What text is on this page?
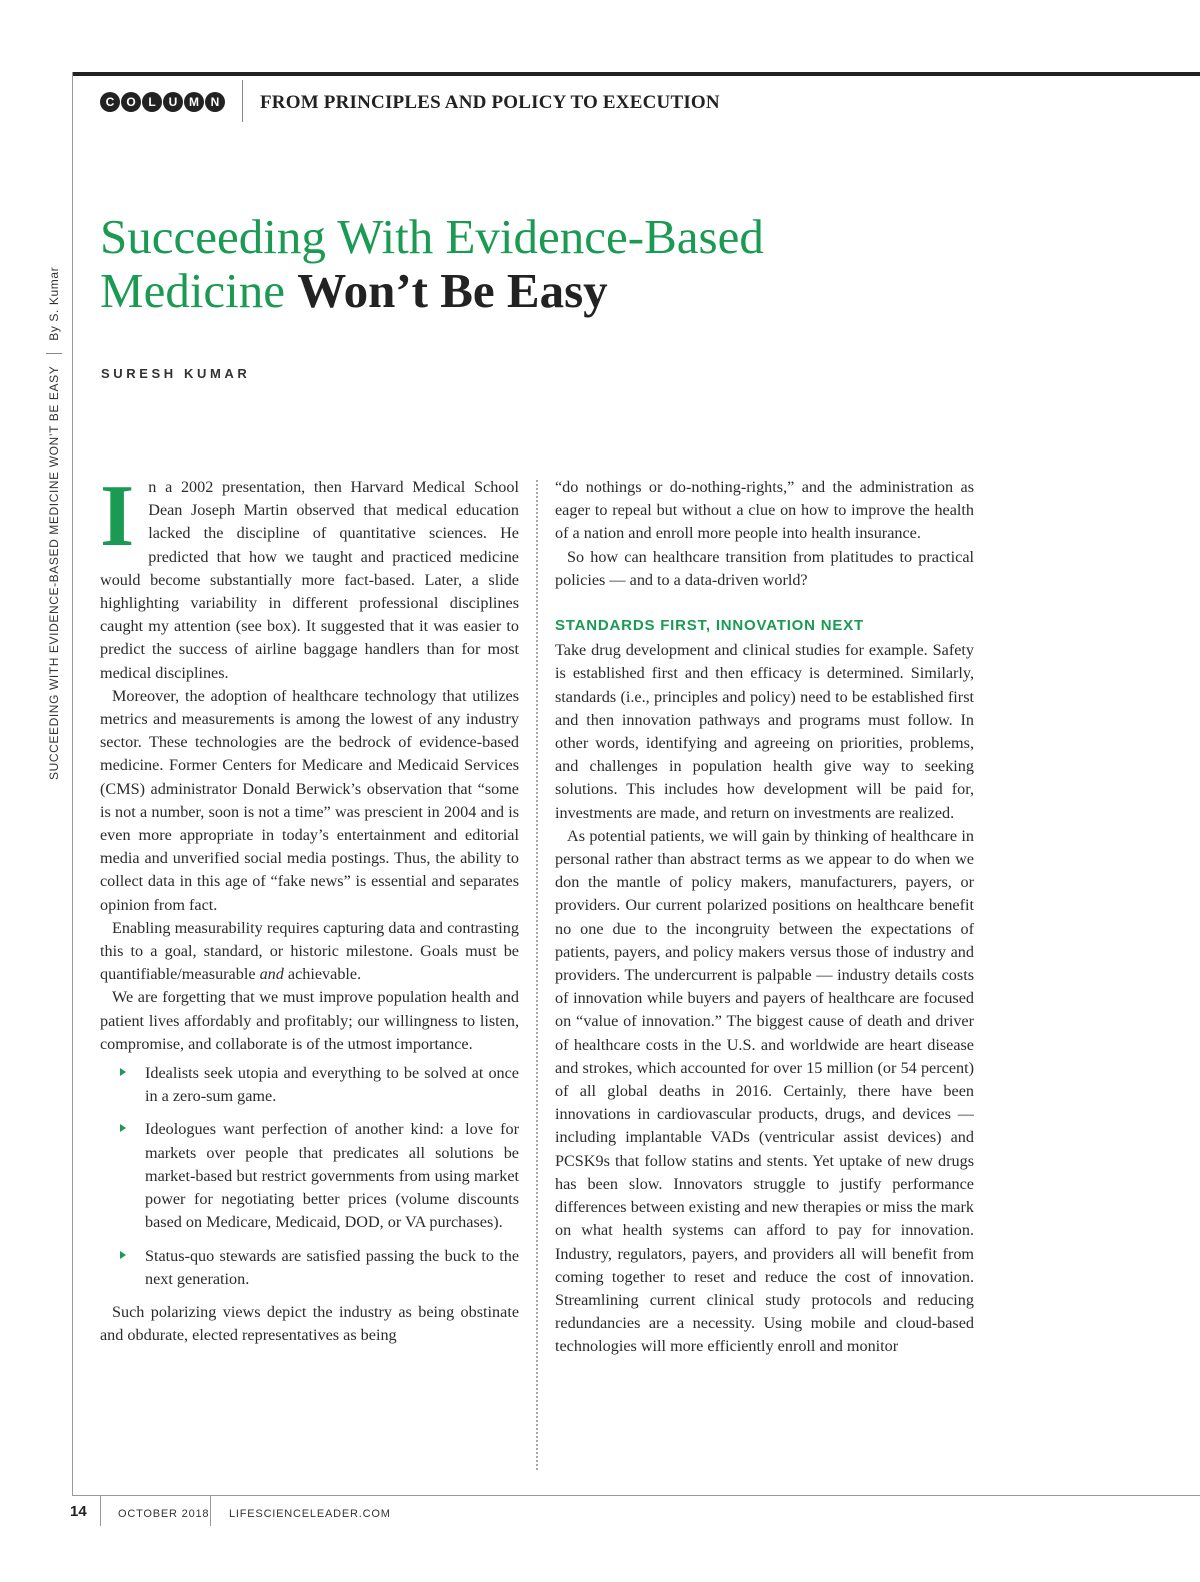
C	O	L	U M N FROM PRINCIPLES AND POLICY TO EXECUTION
SUCCEEDING WITH EVIDENCE-BASED MEDICINE WON’T BE EASY
By S. Kumar
Succeeding With Evidence-Based
Medicine Won’t Be Easy
SURESH KUMAR

In a 2002 presentation, then Harvard Medical School Dean Joseph Martin observed that medical education lacked the discipline of quantitative sciences. He predicted that how we taught and practiced medicine would become substantially more fact-based. Later, a slide highlighting variability in different professional disciplines caught my attention (see box). It suggested that it was easier to predict the success of airline baggage handlers than for most medical disciplines.

Moreover, the adoption of healthcare technology that utilizes metrics and measurements is among the lowest of any industry sector. These technologies are the bedrock of evidence-based medicine. Former Centers for Medicare and Medicaid Services (CMS) administrator Donald Berwick’s observation that “some is not a number, soon is not a time” was prescient in 2004 and is even more appropriate in today’s entertainment and editorial media and unverified social media postings. Thus, the ability to collect data in this age of “fake news” is essential and separates opinion from fact.

Enabling measurability requires capturing data and contrasting this to a goal, standard, or historic milestone. Goals must be quantifiable/measurable and achievable.

We are forgetting that we must improve population health and patient lives affordably and profitably; our willingness to listen, compromise, and collaborate is of the utmost importance.

Idealists seek utopia and everything to be solved at once in a zero-sum game.
Ideologues want perfection of another kind: a love for markets over people that predicates all solutions be market-based but restrict governments from using market power for negotiating better prices (volume discounts based on Medicare, Medicaid, DOD, or VA purchases).
Status-quo stewards are satisfied passing the buck to the next generation.

Such polarizing views depict the industry as being obstinate and obdurate, elected representatives as being

“do nothings or do-nothing-rights,” and the administration as eager to repeal but without a clue on how to improve the health of a nation and enroll more people into health insurance.

So how can healthcare transition from platitudes to practical policies — and to a data-driven world?

STANDARDS FIRST, INNOVATION NEXT

Take drug development and clinical studies for example. Safety is established first and then efficacy is determined. Similarly, standards (i.e., principles and policy) need to be established first and then innovation pathways and programs must follow. In other words, identifying and agreeing on priorities, problems, and challenges in population health give way to seeking solutions. This includes how development will be paid for, investments are made, and return on investments are realized.

As potential patients, we will gain by thinking of healthcare in personal rather than abstract terms as we appear to do when we don the mantle of policy makers, manufacturers, payers, or providers. Our current polarized positions on healthcare benefit no one due to the incongruity between the expectations of patients, payers, and policy makers versus those of industry and providers. The undercurrent is palpable — industry details costs of innovation while buyers and payers of healthcare are focused on “value of innovation.” The biggest cause of death and driver of healthcare costs in the U.S. and worldwide are heart disease and strokes, which accounted for over 15 million (or 54 percent) of all global deaths in 2016. Certainly, there have been innovations in cardiovascular products, drugs, and devices — including implantable VADs (ventricular assist devices) and PCSK9s that follow statins and stents. Yet uptake of new drugs has been slow. Innovators struggle to justify performance differences between existing and new therapies or miss the mark on what health systems can afford to pay for innovation. Industry, regulators, payers, and providers all will benefit from coming together to reset and reduce the cost of innovation. Streamlining current clinical study protocols and reducing redundancies are a necessity. Using mobile and cloud-based technologies will more efficiently enroll and monitor

14	OCTOBER 2018 LIFESCIENCELEADER.COM
